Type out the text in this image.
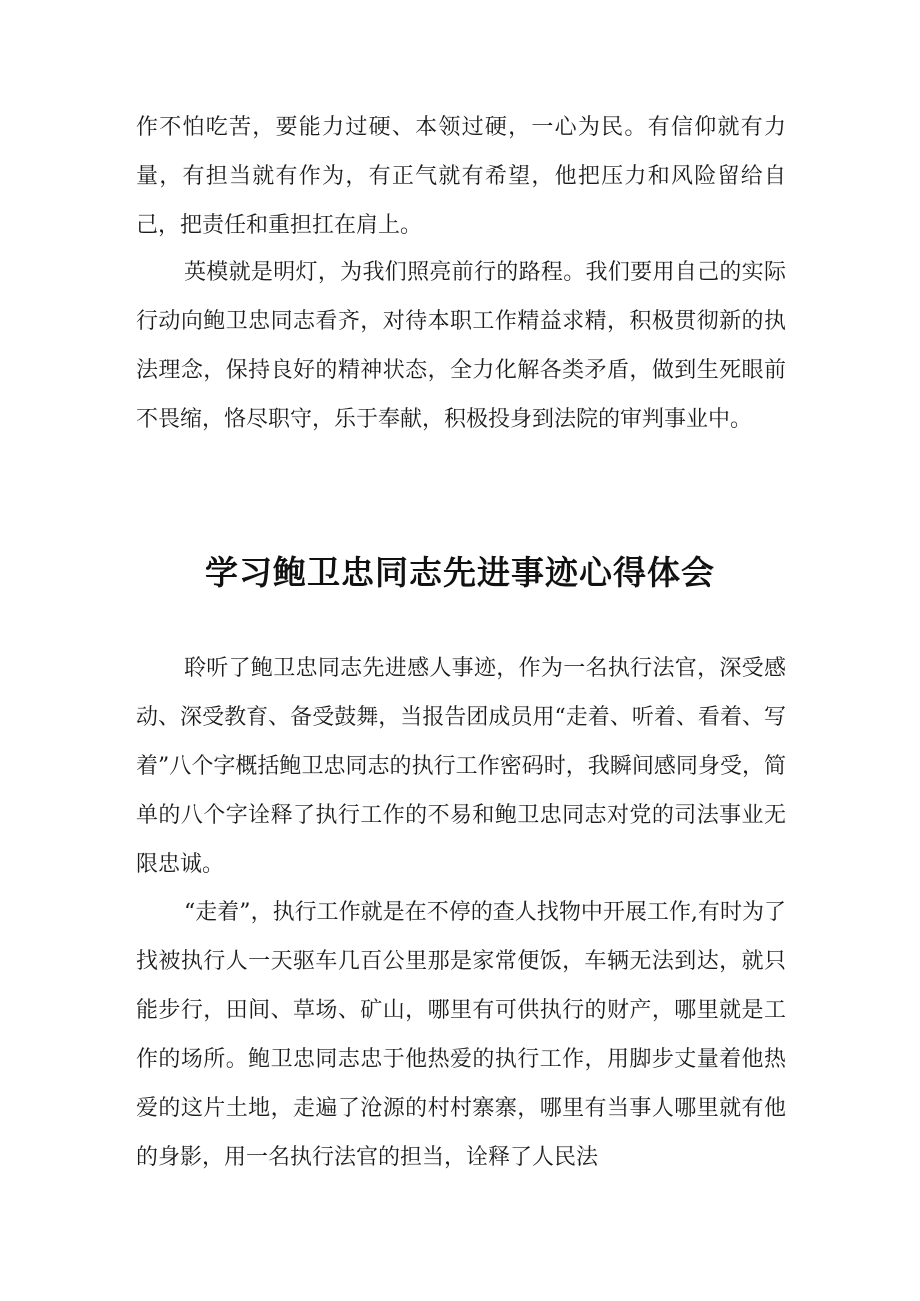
作不怕吃苦，要能力过硬、本领过硬，一心为民。有信仰就有力量，有担当就有作为，有正气就有希望，他把压力和风险留给自己，把责任和重担扛在肩上。

英模就是明灯，为我们照亮前行的路程。我们要用自己的实际行动向鲍卫忠同志看齐，对待本职工作精益求精，积极贯彻新的执法理念，保持良好的精神状态，全力化解各类矛盾，做到生死眼前不畏缩，恪尽职守，乐于奉献，积极投身到法院的审判事业中。

学习鲍卫忠同志先进事迹心得体会

聆听了鲍卫忠同志先进感人事迹，作为一名执行法官，深受感动、深受教育、备受鼓舞，当报告团成员用“走着、听着、看着、写着”八个字概括鲍卫忠同志的执行工作密码时，我瞬间感同身受，简单的八个字诠释了执行工作的不易和鲍卫忠同志对党的司法事业无限忠诚。

“走着”，执行工作就是在不停的查人找物中开展工作,有时为了找被执行人一天驱车几百公里那是家常便饭，车辆无法到达，就只能步行，田间、草场、矿山，哪里有可供执行的财产，哪里就是工作的场所。鲍卫忠同志忠于他热爱的执行工作，用脚步丈量着他热爱的这片土地，走遍了沧源的村村寨寨，哪里有当事人哪里就有他的身影，用一名执行法官的担当，诠释了人民法
